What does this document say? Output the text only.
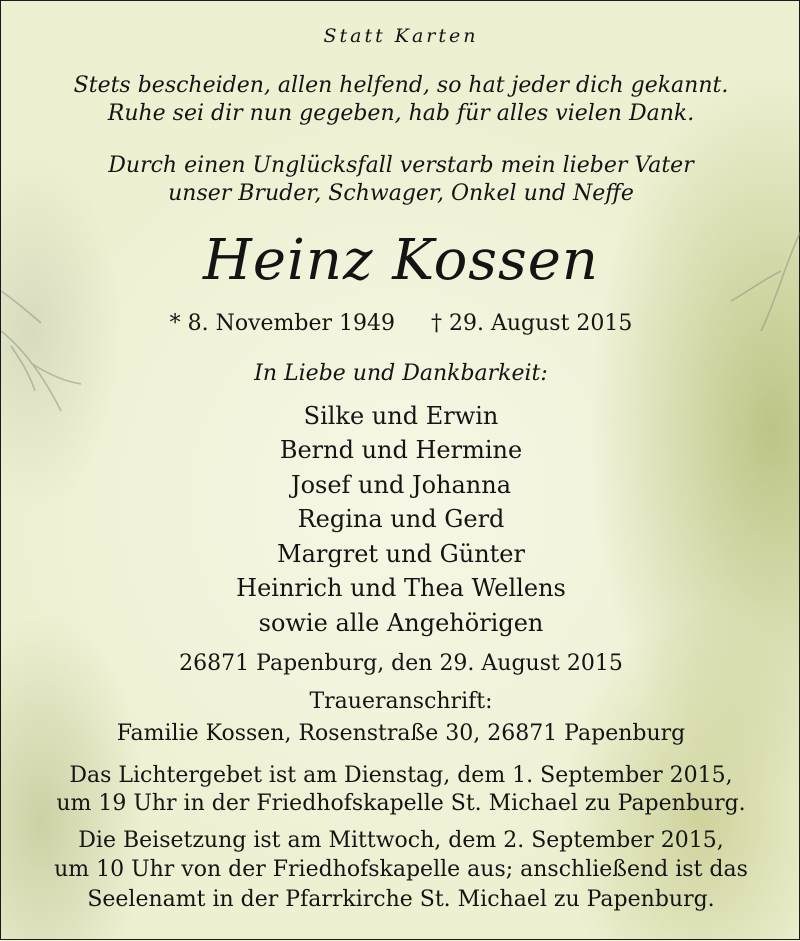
Statt Karten
Stets bescheiden, allen helfend, so hat jeder dich gekannt.
Ruhe sei dir nun gegeben, hab für alles vielen Dank.
Durch einen Unglücksfall verstarb mein lieber Vater
unser Bruder, Schwager, Onkel und Neffe
Heinz Kossen
* 8. November 1949 † 29. August 2015
In Liebe und Dankbarkeit:
Silke und Erwin
Bernd und Hermine
Josef und Johanna
Regina und Gerd
Margret und Günter
Heinrich und Thea Wellens
sowie alle Angehörigen
26871 Papenburg, den 29. August 2015
Traueranschrift:
Familie Kossen, Rosenstraße 30, 26871 Papenburg
Das Lichtergebet ist am Dienstag, dem 1. September 2015,
um 19 Uhr in der Friedhofskapelle St. Michael zu Papenburg.
Die Beisetzung ist am Mittwoch, dem 2. September 2015,
um 10 Uhr von der Friedhofskapelle aus; anschließend ist das
Seelenamt in der Pfarrkirche St. Michael zu Papenburg.
